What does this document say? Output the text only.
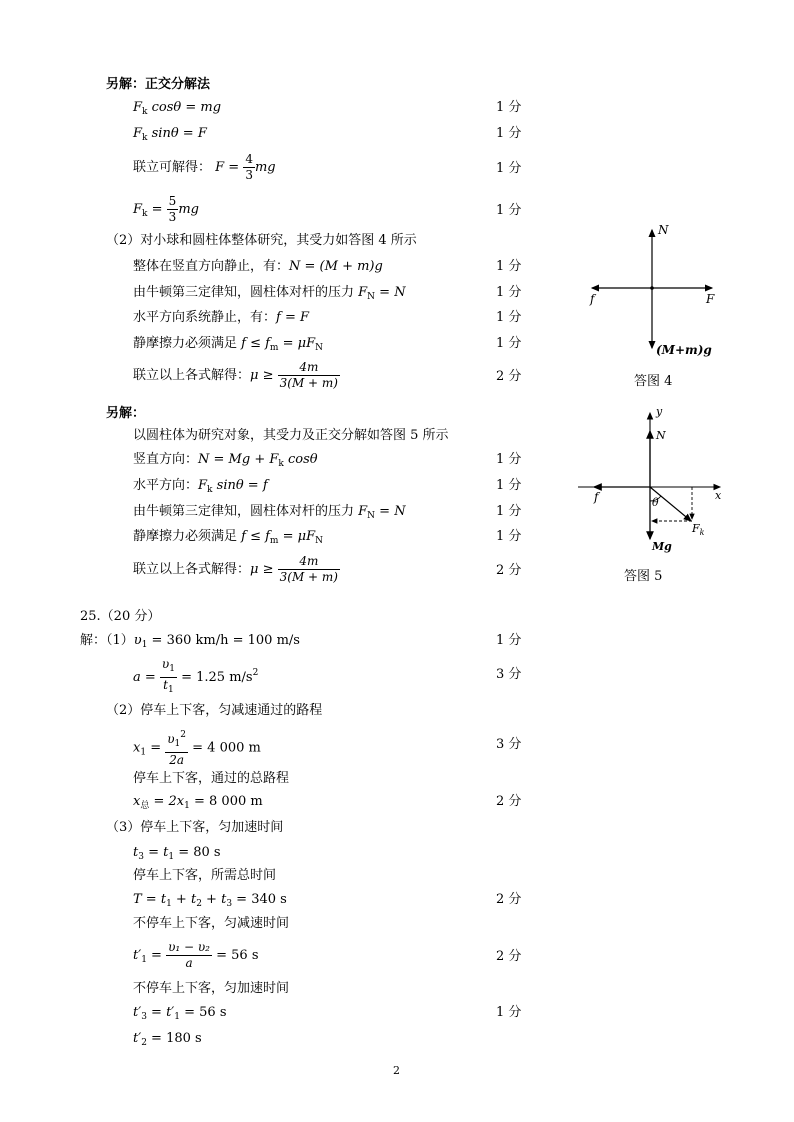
另解：正交分解法
$F_k$ cosθ = mg	1 分
$F_k$ sinθ = F	1 分
联立可解得： $F = \frac{4}{3}$ mg	1 分
$F_k = \frac{5}{3}$ mg	1 分
（2）对小球和圆柱体整体研究，其受力如答图 4 所示
整体在竖直方向静止，有：N = (M + m)g	1 分
由牛顿第三定律知，圆柱体对杆的压力 $F_N = N$	1 分
水平方向系统静止，有：f = F	1 分
静摩擦力必须满足 $f \le f_m = \mu F_N$	1 分
联立以上各式解得：$\mu \ge \frac{4m}{3(M + m)}$	2 分
另解：
以圆柱体为研究对象，其受力及正交分解如答图 5 所示
竖直方向：$N = Mg + F_k$ cosθ	1 分
水平方向：$F_k$ sinθ = f	1 分
由牛顿第三定律知，圆柱体对杆的压力 $F_N = N$	1 分
静摩擦力必须满足 $f \le f_m = \mu F_N$	1 分
联立以上各式解得：$\mu \ge \frac{4m}{3(M + m)}$	2 分
25.（20 分）
解：$(1)\upsilon_1 = 360$ km/h = 100 m/s	1 分
$a = \frac{\upsilon_1}{t_1} = 1.25$ $m/s^2$	3 分
（2）停车上下客，匀减速通过的路程
$x_1 = \frac{\upsilon_1^2}{2a} = 4$ 000 m	3 分
停车上下客，通过的总路程
$x_总 = 2x_1 = 8$ 000 m	2 分
（3）停车上下客，匀加速时间
$t_3 = t_1 = 80$ s
停车上下客，所需总时间
$T = t_1 + t_2 + t_3 = 340$ s	2 分
不停车上下客，匀减速时间
$t'_1 = \frac{\text{υ₁ − υ₂}}{a} = 56$ s	2 分
不停车上下客，匀加速时间
$t'_3 = t'_1 = 56$ s	1 分
$t'_2 = 180$ s
N
f	F
(M+m)g
答图 4
y
N
f	x
θ
$F_k$
Mg
答图 5
2
